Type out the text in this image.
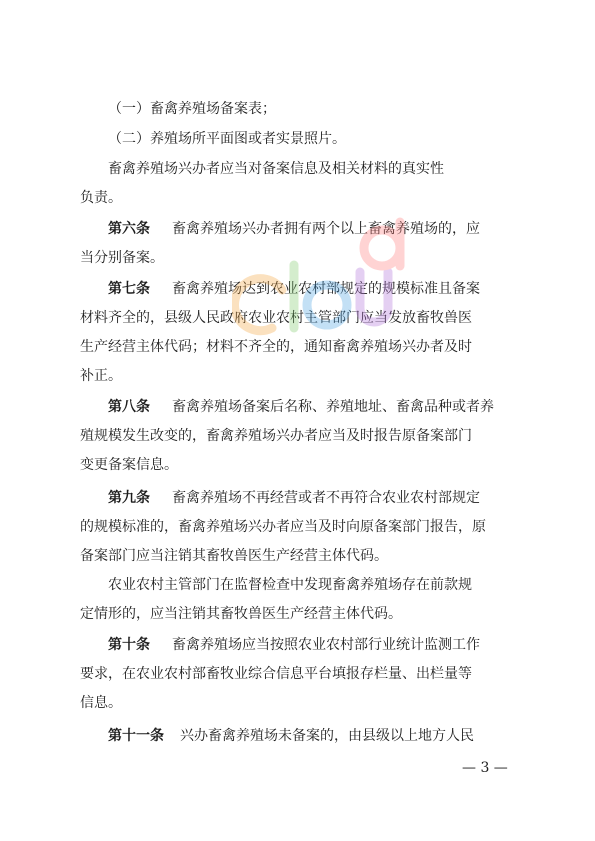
（一）畜禽养殖场备案表；
（二）养殖场所平面图或者实景照片。
畜禽养殖场兴办者应当对备案信息及相关材料的真实性
负责。
第六条 畜禽养殖场兴办者拥有两个以上畜禽养殖场的，应
当分别备案。
第七条 畜禽养殖场达到农业农村部规定的规模标准且备案
材料齐全的，县级人民政府农业农村主管部门应当发放畜牧兽医
生产经营主体代码；材料不齐全的，通知畜禽养殖场兴办者及时
补正。
第八条 畜禽养殖场备案后名称、养殖地址、畜禽品种或者养
殖规模发生改变的，畜禽养殖场兴办者应当及时报告原备案部门
变更备案信息。
第九条 畜禽养殖场不再经营或者不再符合农业农村部规定
的规模标准的，畜禽养殖场兴办者应当及时向原备案部门报告，原
备案部门应当注销其畜牧兽医生产经营主体代码。
农业农村主管部门在监督检查中发现畜禽养殖场存在前款规
定情形的，应当注销其畜牧兽医生产经营主体代码。
第十条 畜禽养殖场应当按照农业农村部行业统计监测工作
要求，在农业农村部畜牧业综合信息平台填报存栏量、出栏量等
信息。
第十一条 兴办畜禽养殖场未备案的，由县级以上地方人民
— 3 —
